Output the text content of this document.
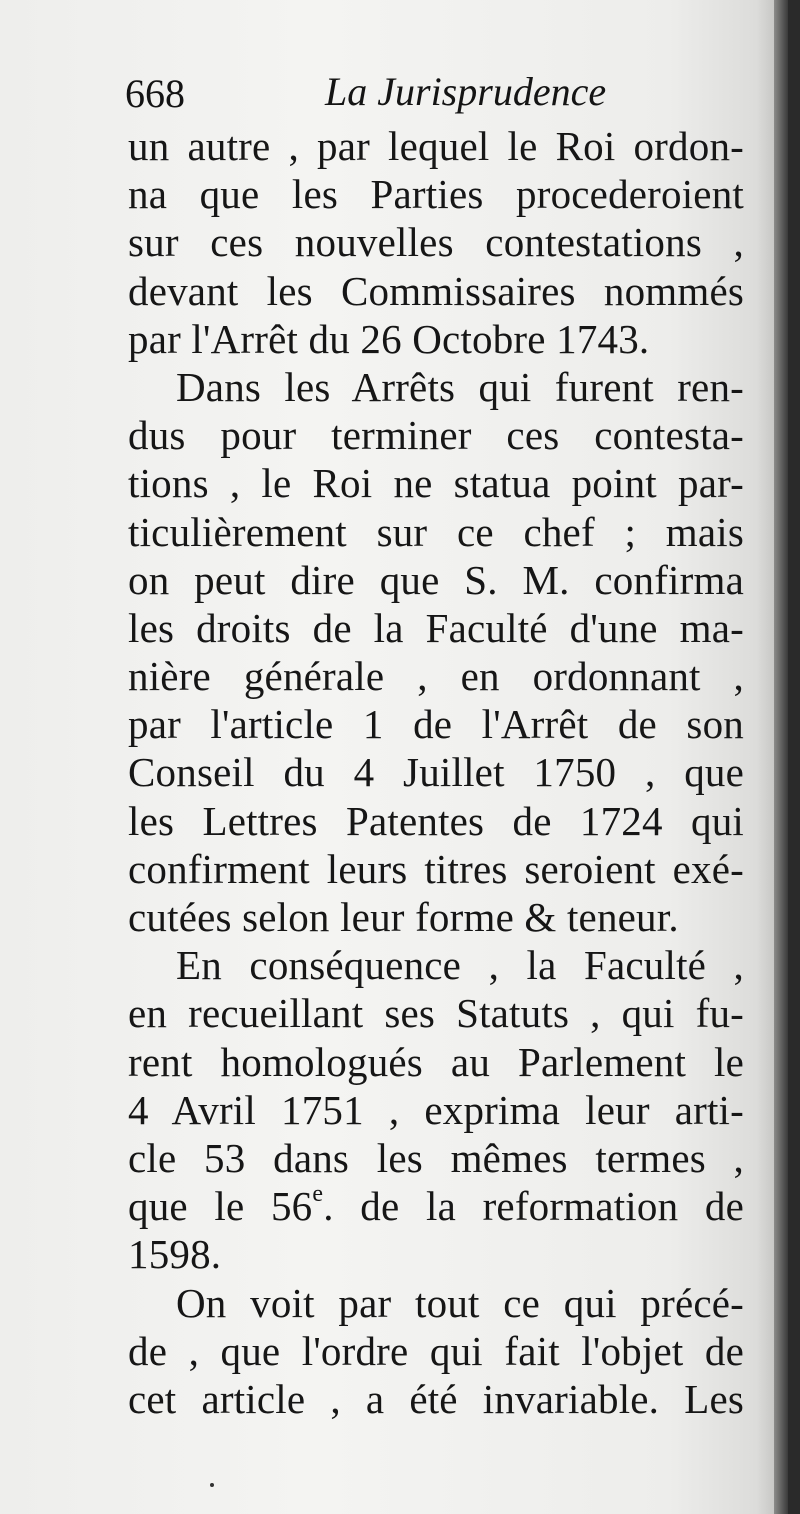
668	La Jurisprudence
un autre , par lequel le Roi ordon-
na que les Parties procederoient
sur ces nouvelles contestations ,
devant les Commissaires nommés
par l'Arrêt du 26 Octobre 1743.
Dans les Arrêts qui furent ren-
dus pour terminer ces contesta-
tions , le Roi ne statua point par-
ticulièrement sur ce chef ; mais
on peut dire que S. M. confirma
les droits de la Faculté d'une ma-
nière générale , en ordonnant ,
par l'article 1 de l'Arrêt de son
Conseil du 4 Juillet 1750 , que
les Lettres Patentes de 1724 qui
confirment leurs titres seroient exé-
cutées selon leur forme & teneur.
En conséquence , la Faculté ,
en recueillant ses Statuts , qui fu-
rent homologués au Parlement le
4 Avril 1751 , exprima leur arti-
cle 53 dans les mêmes termes ,
que le 56e. de la reformation de
1598.
On voit par tout ce qui précé-
de , que l'ordre qui fait l'objet de
cet article , a été invariable. Les
